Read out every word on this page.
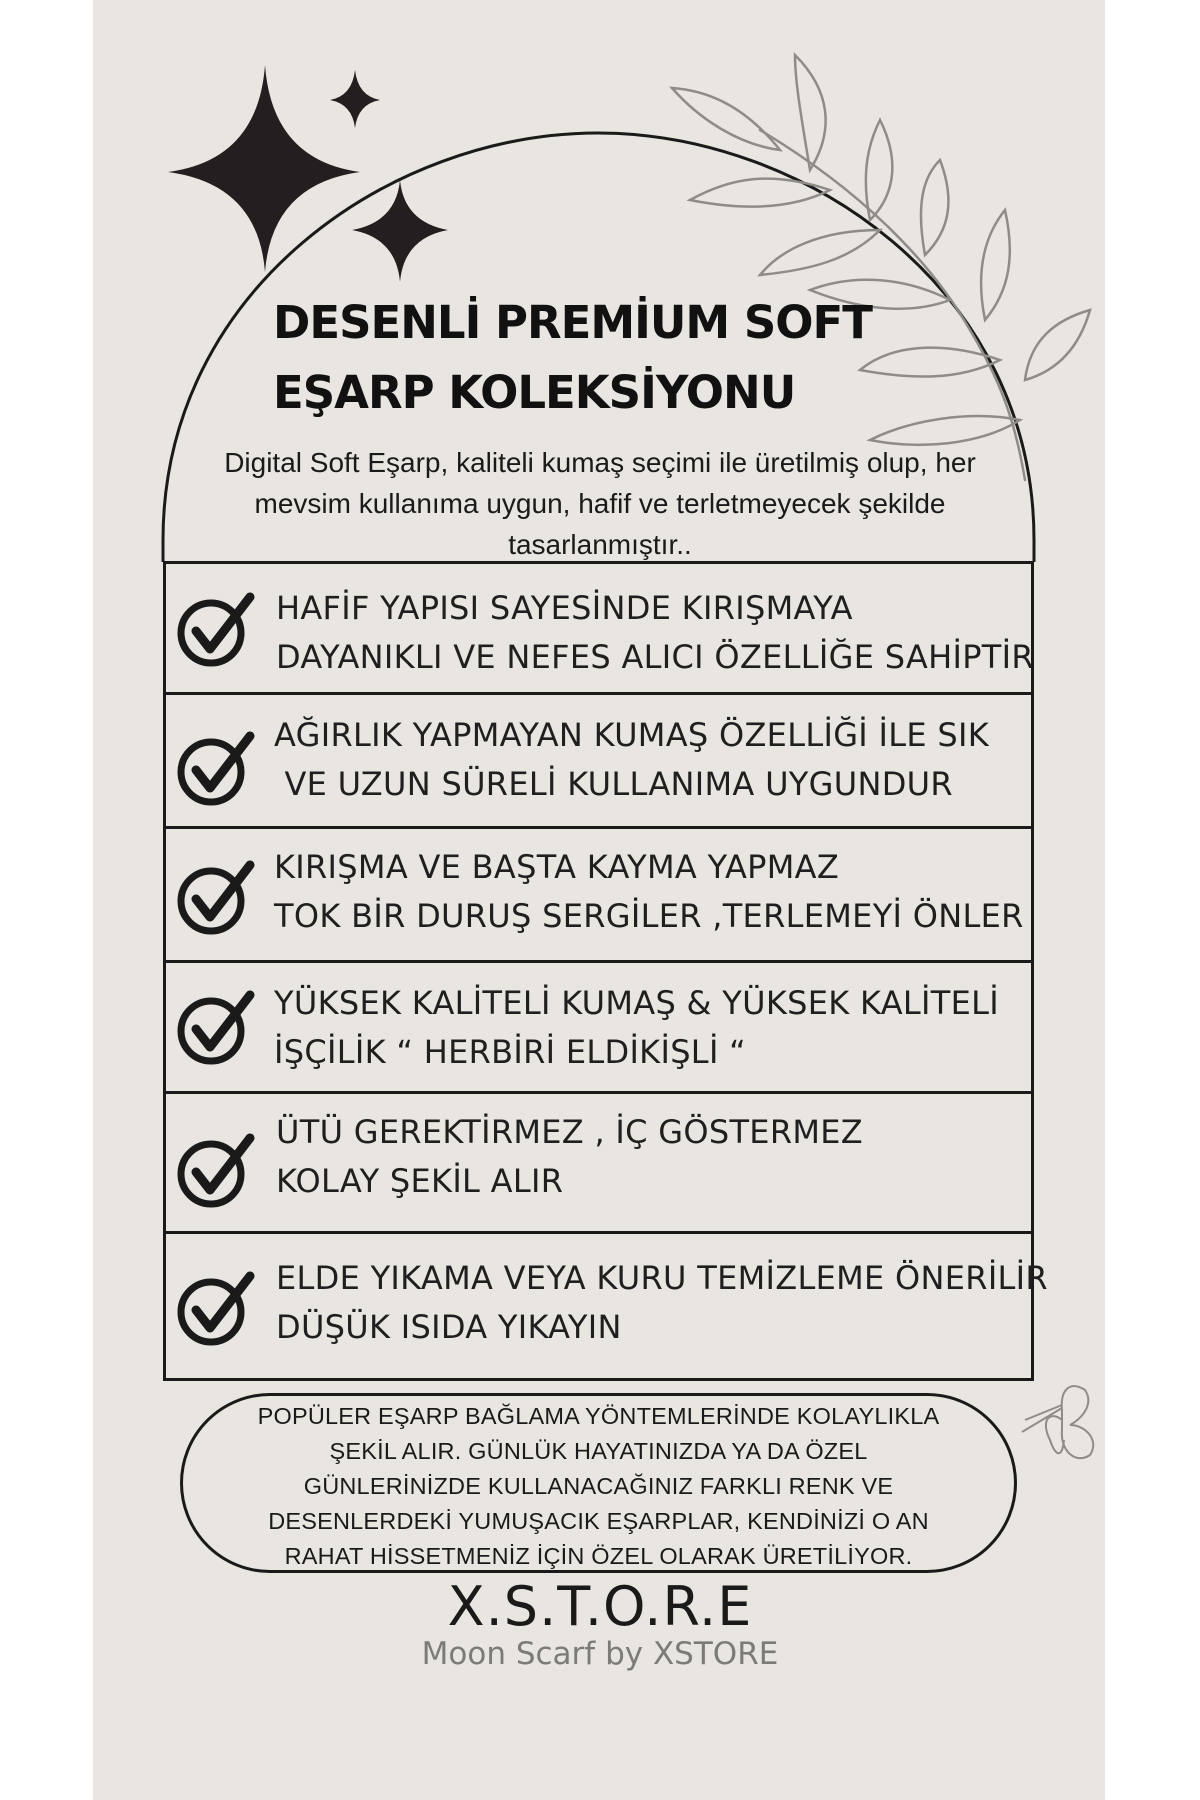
DESENLİ PREMİUM SOFT
EŞARP KOLEKSİYONU
Digital Soft Eşarp, kaliteli kumaş seçimi ile üretilmiş olup, her mevsim kullanıma uygun, hafif ve terletmeyecek şekilde tasarlanmıştır..
HAFİF YAPISI SAYESİNDE KIRIŞMAYA
DAYANIKLI VE NEFES ALICI ÖZELLİĞE SAHİPTİR
AĞIRLIK YAPMAYAN KUMAŞ ÖZELLİĞİ İLE SIK
VE UZUN SÜRELİ KULLANIMA UYGUNDUR
KIRIŞMA VE BAŞTA KAYMA YAPMAZ
TOK BİR DURUŞ SERGİLER ,TERLEMEYİ ÖNLER
YÜKSEK KALİTELİ KUMAŞ & YÜKSEK KALİTELİ
İŞÇİLİK “ HERBİRİ ELDİKİŞLİ “
ÜTÜ GEREKTİRMEZ , İÇ GÖSTERMEZ
KOLAY ŞEKİL ALIR
ELDE YIKAMA VEYA KURU TEMİZLEME ÖNERİLİR
DÜŞÜK ISIDA YIKAYIN
POPÜLER EŞARP BAĞLAMA YÖNTEMLERİNDE KOLAYLIKLA
ŞEKİL ALIR. GÜNLÜK HAYATINIZDA YA DA ÖZEL
GÜNLERİNİZDE KULLANACAĞINIZ FARKLI RENK VE
DESENLERDEKİ YUMUŞACIK EŞARPLAR, KENDİNİZİ O AN
RAHAT HİSSETMENİZ İÇİN ÖZEL OLARAK ÜRETİLİYOR.
X.S.T.O.R.E
Moon Scarf by XSTORE
